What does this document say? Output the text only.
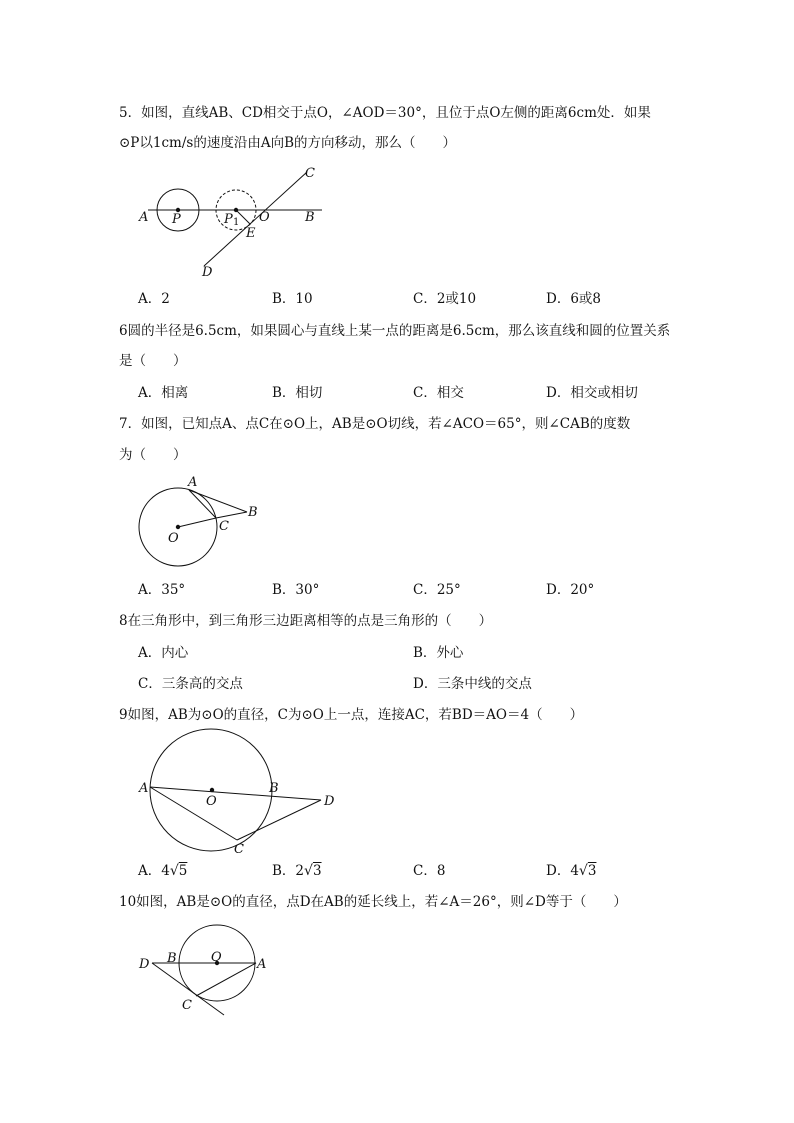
5．如图，直线AB、CD相交于点O，∠AOD＝30°，且位于点O左侧的距离6cm处．如果
⊙P以1cm/s的速度沿由A向B的方向移动，那么（　　）
A P	P 1 O	B
C
E
D
A．2	B．10	C．2或10	D．6或8
6圆的半径是6.5cm，如果圆心与直线上某一点的距离是6.5cm，那么该直线和圆的位置关系
是（　　）
A．相离	B．相切	C．相交	D．相交或相切
7．如图，已知点A、点C在⊙O上，AB是⊙O切线，若∠ACO＝65°，则∠CAB的度数
为（　　）
A
B
C
O
A．35°	B．30°	C．25°	D．20°
8在三角形中，到三角形三边距离相等的点是三角形的（　　）
A．内心	B．外心
C．三条高的交点	D．三条中线的交点
9如图，AB为⊙O的直径，C为⊙O上一点，连接AC，若BD＝AO＝4（　　）
A
O
B
D
C
A．4√5	B．2√3	C．8	D．4√3
10如图，AB是⊙O的直径，点D在AB的延长线上，若∠A＝26°，则∠D等于（　　）
D B	O	A
C
